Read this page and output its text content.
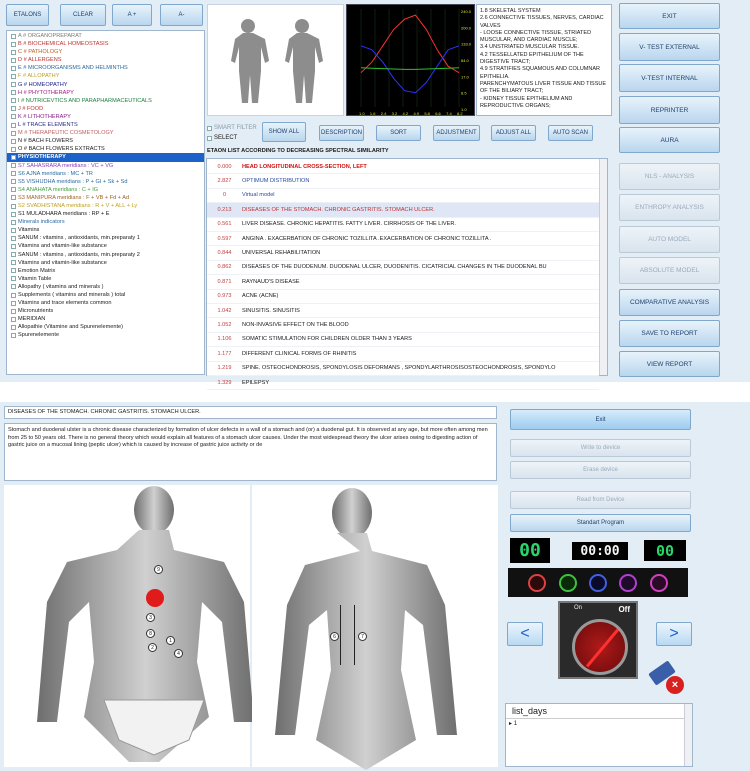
ETALONS	CLEAR	A +	A-
A # ORGANOPREPARAT
B # BIOCHEMICAL HOMEOSTASIS
C # PATHOLOGY
D # ALLERGENS
E # MICROORGANISMS AND HELMINTHS
F # ALLOPATHY
G # HOMEOPATHY
H # PHYTOTHERAPY
I # NUTRICEVTICS AND PARAPHARMACEUTICALS
J # FOOD
K # LITHOTHERAPY
L # TRACE ELEMENTS
M # THERAPEUTIC COSMETOLOGY
N # BACH FLOWERS
O # BACH FLOWERS EXTRACTS
PHYSIOTHERAPY
S7 SAHASRARA meridians : VC + VG
S6 AJNA meridians : MC + TR
S5 VISHUDHA meridians : P + GI + Sk + Sd
S4 ANAHATA meridians : C + IG
S3 MANIPURA meridians : F + VB + Fd + Ad
S2 SVADHISTANA meridians : R + V + ALL + Ly
S1 MULADHARA meridians : RP + E
Minerals indicators
Vitamins
SANUM : vitamins , antioxidants, min.preparaty 1
Vitamins and vitamin-like substance
SANUM : vitamins , antioxidants, min.preparaty 2
Vitamins and vitamin-like substance
Emotion Matrix
Vitamin Table
Allopathy ( vitamins and minerals )
Supplements ( vitamins and minerals ) total
Vitamins and trace elements common
Micronutrients
MERIDIAN
Allopathie (Vitamine and Spurenelemente)
Spurenelemente
240.0
200.0
133.0
84.0
17.0
8.5
1.0
1.0 1.6 2.4 3.2 4.2 4.9 5.8 6.6 7.4 8.2
1.8 SKELETAL SYSTEM
2.6 CONNECTIVE TISSUES, NERVES, CARDIAC VALVES
- LOOSE CONNECTIVE TISSUE, STRIATED MUSCULAR, AND CARDIAC MUSCLE;
3.4 UNSTRIATED MUSCULAR TISSUE.
4.2 TESSELLATED EPITHELIUM OF THE DIGESTIVE TRACT;
4.9 STRATIFIES SQUAMOUS AND COLUMNAR EPITHELIA.
PARENCHYMATOUS LIVER TISSUE AND TISSUE OF THE BILIARY TRACT;
- KIDNEY TISSUE EPITHELIUM AND REPRODUCTIVE ORGANS;
SMART FILTER
SELECT
SHOW ALL	DESCRIPTION	SORT	ADJUSTMENT	ADJUST ALL	AUTO SCAN
ETAON LIST ACCORDING TO DECREASING SPECTRAL SIMILARITY
0.000	HEAD LONGITUDINAL CROSS-SECTION, LEFT
2.827	OPTIMUM DISTRIBUTION
0	Virtual model
0.213	DISEASES OF THE STOMACH. CHRONIC GASTRITIS. STOMACH ULCER.
0.561	LIVER DISEASE. CHRONIC HEPATITIS. FATTY LIVER. CIRRHOSIS OF THE LIVER.
0.597	ANGINA . EXACERBATION OF CHRONIC TOZILLITA .EXACERBATION OF CHRONIC TOZILLITA .
0.844	UNIVERSAL REHABILITATION
0.862	DISEASES OF THE DUODENUM. DUODENAL ULCER, DUODENITIS. CICATRICIAL CHANGES IN THE DUODENAL BU
0.871	RAYNAUD'S DISEASE
0.973	ACNE (ACNE)
1.042	SINUSITIS. SINUSITIS
1.052	NON-INVASIVE EFFECT ON THE BLOOD
1.106	SOMATIC STIMULATION FOR CHILDREN OLDER THAN 3 YEARS
1.177	DIFFERENT CLINICAL FORMS OF RHINITIS
1.219	SPINE. OSTEOCHONDROSIS, SPONDYLOSIS DEFORMANS , SPONDYLARTHROSISOSTEOCHONDROSIS, SPONDYLO
1.329	EPILEPSY
EXIT
V- TEST EXTERNAL
V-TEST INTERNAL
REPRINTER
AURA
NLS - ANALYSIS
ENTHROPY ANALYSIS
AUTO MODEL
ABSOLUTE MODEL
COMPARATIVE ANALYSIS
SAVE TO REPORT
VIEW REPORT
DISEASES OF THE STOMACH. CHRONIC GASTRITIS. STOMACH ULCER.
Stomach and duodenal ulster is a chronic disease characterized by formation of ulcer defects in a wall of a stomach and (or) a duodenal gut. It is observed at any age, but more often among men from 25 to 50 years old. There is no general theory which would explain all features of a stomach ulcer causes. Under the most widespread theory the ulcer arises owing to digesting action of gastric juice on a mucosal lining (peptic ulcer) which is caused by increase of gastric juice activity or de
9
3
8
1
2
4
6	7
Exit
Write to device
Erase device
Read from Device
Standart Program
00	00:00	00
On	Off
<	>
×
list_days
▸ 1
